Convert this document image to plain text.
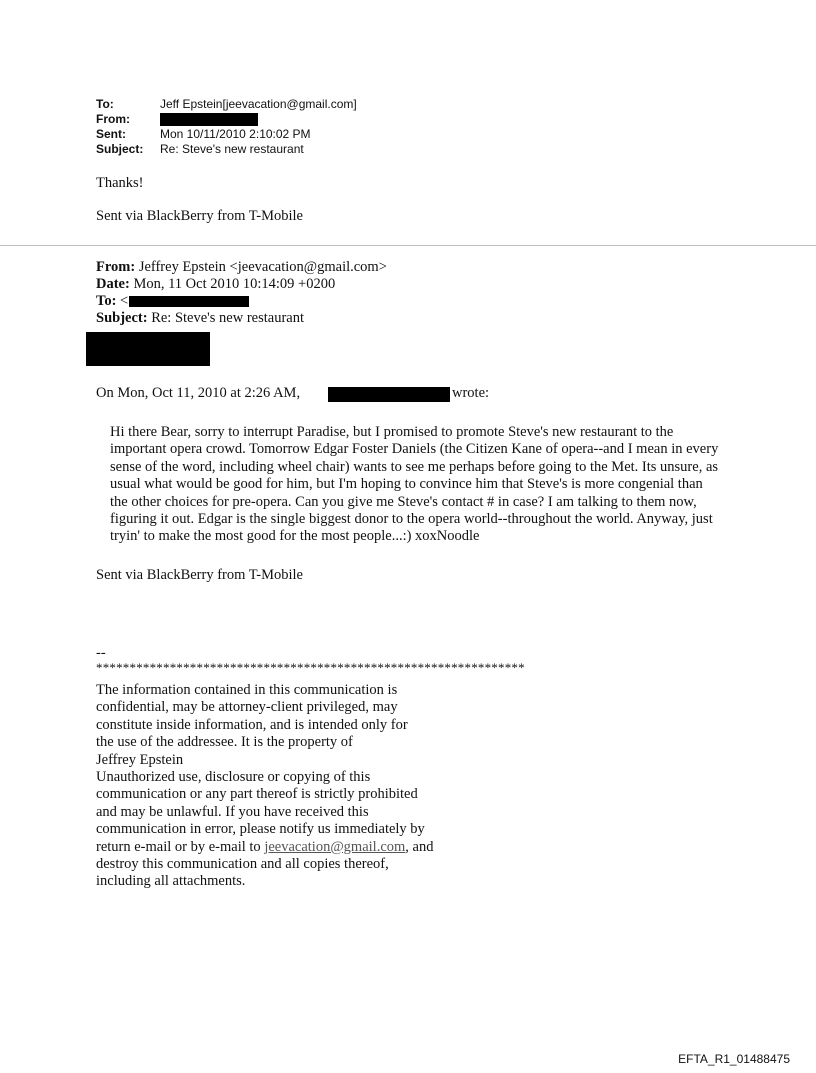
To:	Jeff Epstein[jeevacation@gmail.com]
From:
Sent:	Mon 10/11/2010 2:10:02 PM
Subject:	Re: Steve's new restaurant
Thanks!
Sent via BlackBerry from T-Mobile
From: Jeffrey Epstein <jeevacation@gmail.com>
Date: Mon, 11 Oct 2010 10:14:09 +0200
To: <
Subject: Re: Steve's new restaurant
On Mon, Oct 11, 2010 at 2:26 AM,	wrote:

Hi there Bear, sorry to interrupt Paradise, but I promised to promote Steve's new restaurant to the important opera crowd. Tomorrow Edgar Foster Daniels (the Citizen Kane of opera--and I mean in every sense of the word, including wheel chair) wants to see me perhaps before going to the Met. Its unsure, as usual what would be good for him, but I'm hoping to convince him that Steve's is more congenial than the other choices for pre-opera. Can you give me Steve's contact # in case? I am talking to them now, figuring it out. Edgar is the single biggest donor to the opera world--throughout the world. Anyway, just tryin' to make the most good for the most people...:) xoxNoodle

Sent via BlackBerry from T-Mobile
--
****************************************************************
The information contained in this communication is
confidential, may be attorney-client privileged, may
constitute inside information, and is intended only for
the use of the addressee. It is the property of
Jeffrey Epstein
Unauthorized use, disclosure or copying of this
communication or any part thereof is strictly prohibited
and may be unlawful. If you have received this
communication in error, please notify us immediately by
return e-mail or by e-mail to jeevacation@gmail.com, and
destroy this communication and all copies thereof,
including all attachments.
EFTA_R1_01488475
